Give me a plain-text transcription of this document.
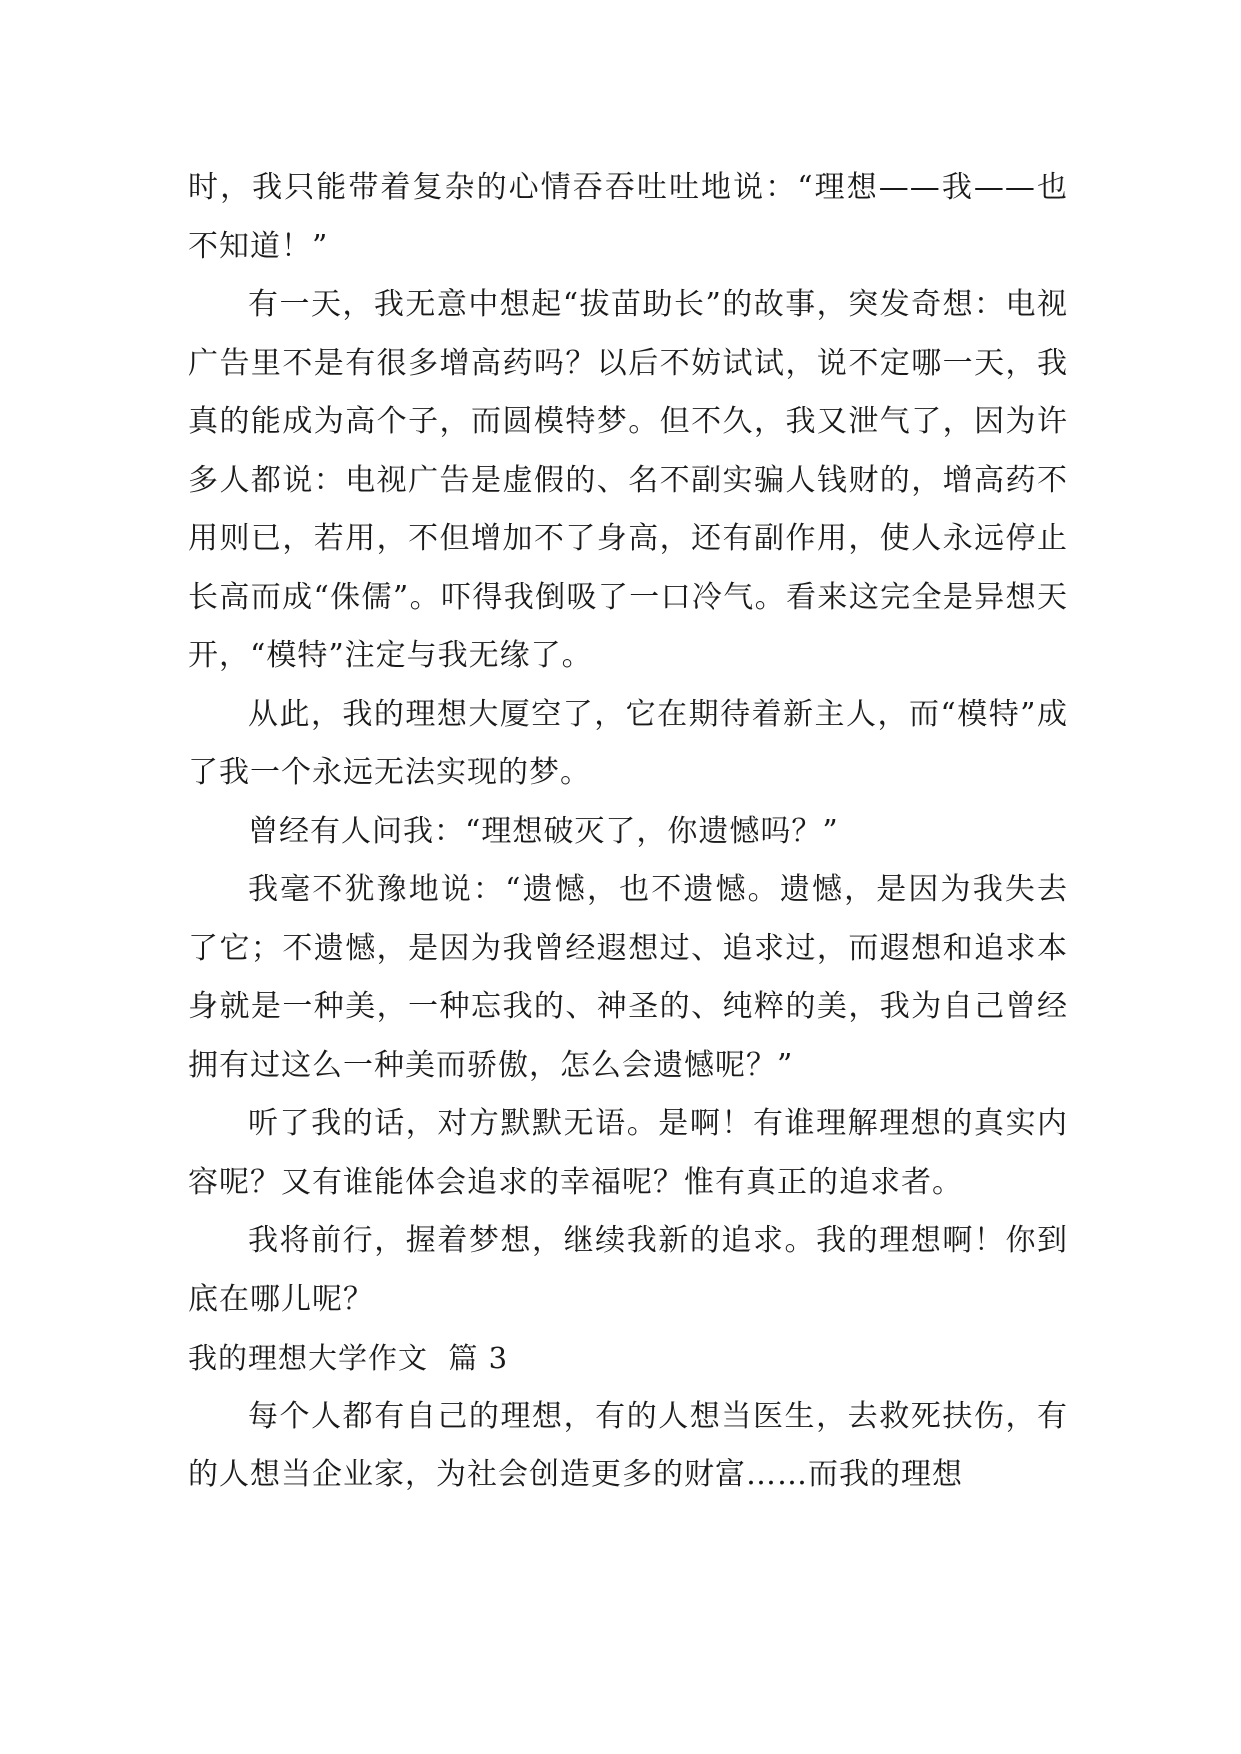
时，我只能带着复杂的心情吞吞吐吐地说：“理想——我——也不知道！”

有一天，我无意中想起“拔苗助长”的故事，突发奇想：电视广告里不是有很多增高药吗？以后不妨试试，说不定哪一天，我真的能成为高个子，而圆模特梦。但不久，我又泄气了，因为许多人都说：电视广告是虚假的、名不副实骗人钱财的，增高药不用则已，若用，不但增加不了身高，还有副作用，使人永远停止长高而成“侏儒”。吓得我倒吸了一口冷气。看来这完全是异想天开，“模特”注定与我无缘了。

从此，我的理想大厦空了，它在期待着新主人，而“模特”成了我一个永远无法实现的梦。

曾经有人问我：“理想破灭了，你遗憾吗？”

我毫不犹豫地说：“遗憾，也不遗憾。遗憾，是因为我失去了它；不遗憾，是因为我曾经遐想过、追求过，而遐想和追求本身就是一种美，一种忘我的、神圣的、纯粹的美，我为自己曾经拥有过这么一种美而骄傲，怎么会遗憾呢？”

听了我的话，对方默默无语。是啊！有谁理解理想的真实内容呢？又有谁能体会追求的幸福呢？惟有真正的追求者。

我将前行，握着梦想，继续我新的追求。我的理想啊！你到底在哪儿呢？

我的理想大学作文  篇 3

每个人都有自己的理想，有的人想当医生，去救死扶伤，有的人想当企业家，为社会创造更多的财富……而我的理想
